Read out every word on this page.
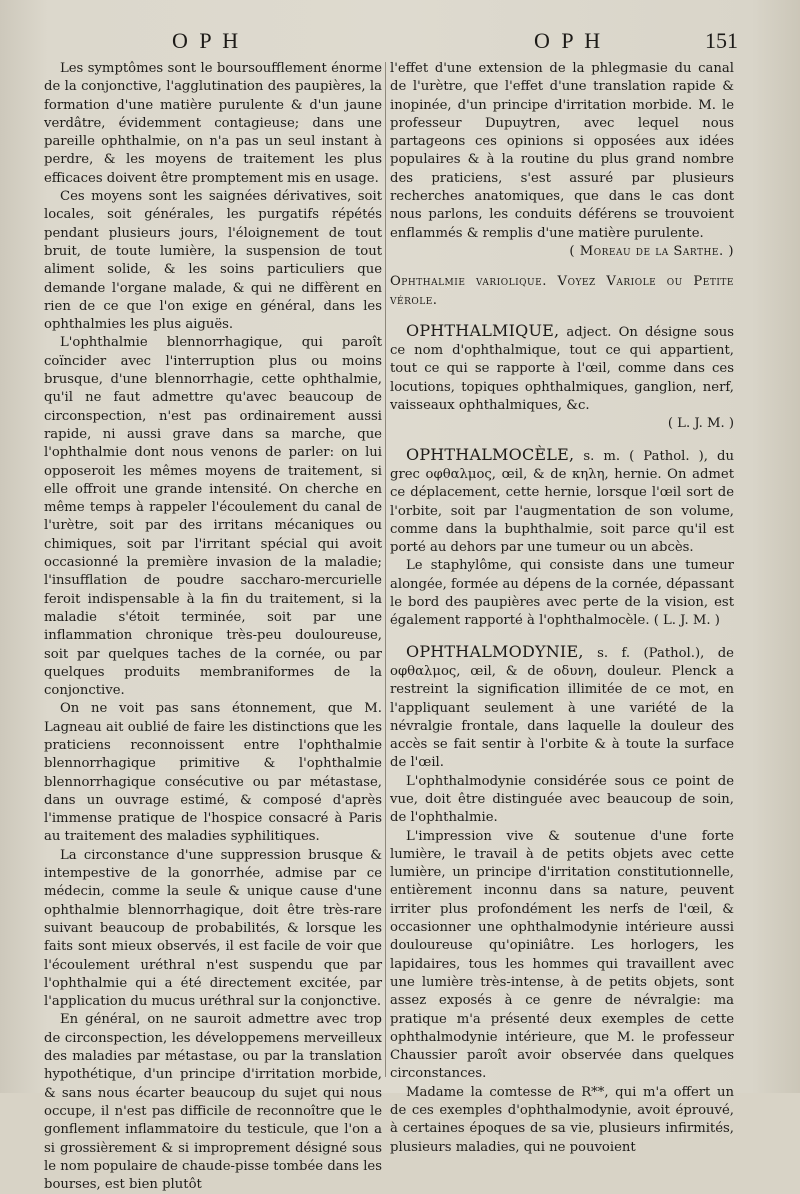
O P H	O P H	151

Les symptômes sont le boursoufflement énorme de la conjonctive, l'agglutination des paupières, la formation d'une matière purulente & d'un jaune verdâtre, évidemment contagieuse; dans une pareille ophthalmie, on n'a pas un seul instant à perdre, & les moyens de traitement les plus efficaces doivent être promptement mis en usage.

Ces moyens sont les saignées dérivatives, soit locales, soit générales, les purgatifs répétés pendant plusieurs jours, l'éloignement de tout bruit, de toute lumière, la suspension de tout aliment solide, & les soins particuliers que demande l'organe malade, & qui ne diffèrent en rien de ce que l'on exige en général, dans les ophthalmies les plus aiguës.

L'ophthalmie blennorrhagique, qui paroît coïncider avec l'interruption plus ou moins brusque, d'une blennorrhagie, cette ophthalmie, qu'il ne faut admettre qu'avec beaucoup de circonspection, n'est pas ordinairement aussi rapide, ni aussi grave dans sa marche, que l'ophthalmie dont nous venons de parler: on lui opposeroit les mêmes moyens de traitement, si elle offroit une grande intensité. On cherche en même temps à rappeler l'écoulement du canal de l'urètre, soit par des irritans mécaniques ou chimiques, soit par l'irritant spécial qui avoit occasionné la première invasion de la maladie; l'insufflation de poudre saccharo-mercurielle feroit indispensable à la fin du traitement, si la maladie s'étoit terminée, soit par une inflammation chronique très-peu douloureuse, soit par quelques taches de la cornée, ou par quelques produits membraniformes de la conjonctive.

On ne voit pas sans étonnement, que M. Lagneau ait oublié de faire les distinctions que les praticiens reconnoissent entre l'ophthalmie blennorrhagique primitive & l'ophthalmie blennorrhagique consécutive ou par métastase, dans un ouvrage estimé, & composé d'après l'immense pratique de l'hospice consacré à Paris au traitement des maladies syphilitiques.

La circonstance d'une suppression brusque & intempestive de la gonorrhée, admise par ce médecin, comme la seule & unique cause d'une ophthalmie blennorrhagique, doit être très-rare suivant beaucoup de probabilités, & lorsque les faits sont mieux observés, il est facile de voir que l'écoulement uréthral n'est suspendu que par l'ophthalmie qui a été directement excitée, par l'application du mucus uréthral sur la conjonctive.

En général, on ne sauroit admettre avec trop de circonspection, les développemens merveilleux des maladies par métastase, ou par la translation hypothétique, d'un principe d'irritation morbide, & sans nous écarter beaucoup du sujet qui nous occupe, il n'est pas difficile de reconnoître que le gonflement inflammatoire du testicule, que l'on a si grossièrement & si improprement désigné sous le nom populaire de chaude-pisse tombée dans les bourses, est bien plutôt

l'effet d'une extension de la phlegmasie du canal de l'urètre, que l'effet d'une translation rapide & inopinée, d'un principe d'irritation morbide. M. le professeur Dupuytren, avec lequel nous partageons ces opinions si opposées aux idées populaires & à la routine du plus grand nombre des praticiens, s'est assuré par plusieurs recherches anatomiques, que dans le cas dont nous parlons, les conduits déférens se trouvoient enflammés & remplis d'une matière purulente.

( Moreau de la Sarthe. )

Ophthalmie variolique. Voyez Variole ou Petite vérole.

OPHTHALMIQUE, adject. On désigne sous ce nom d'ophthalmique, tout ce qui appartient, tout ce qui se rapporte à l'œil, comme dans ces locutions, topiques ophthalmiques, ganglion, nerf, vaisseaux ophthalmiques, &c.

( L. J. M. )

OPHTHALMOCÈLE, s. m. ( Pathol. ), du grec οφθαλμος, œil, & de κηλη, hernie. On admet ce déplacement, cette hernie, lorsque l'œil sort de l'orbite, soit par l'augmentation de son volume, comme dans la buphthalmie, soit parce qu'il est porté au dehors par une tumeur ou un abcès.

Le staphylôme, qui consiste dans une tumeur alongée, formée au dépens de la cornée, dépassant le bord des paupières avec perte de la vision, est également rapporté à l'ophthalmocèle. ( L. J. M. )

OPHTHALMODYNIE, s. f. (Pathol.), de οφθαλμος, œil, & de οδυνη, douleur. Plenck a restreint la signification illimitée de ce mot, en l'appliquant seulement à une variété de la névralgie frontale, dans laquelle la douleur des accès se fait sentir à l'orbite & à toute la surface de l'œil.

L'ophthalmodynie considérée sous ce point de vue, doit être distinguée avec beaucoup de soin, de l'ophthalmie.

L'impression vive & soutenue d'une forte lumière, le travail à de petits objets avec cette lumière, un principe d'irritation constitutionnelle, entièrement inconnu dans sa nature, peuvent irriter plus profondément les nerfs de l'œil, & occasionner une ophthalmodynie intérieure aussi douloureuse qu'opiniâtre. Les horlogers, les lapidaires, tous les hommes qui travaillent avec une lumière très-intense, à de petits objets, sont assez exposés à ce genre de névralgie: ma pratique m'a présenté deux exemples de cette ophthalmodynie intérieure, que M. le professeur Chaussier paroît avoir observée dans quelques circonstances.

Madame la comtesse de R**, qui m'a offert un de ces exemples d'ophthalmodynie, avoit éprouvé, à certaines époques de sa vie, plusieurs infirmités, plusieurs maladies, qui ne pouvoient
